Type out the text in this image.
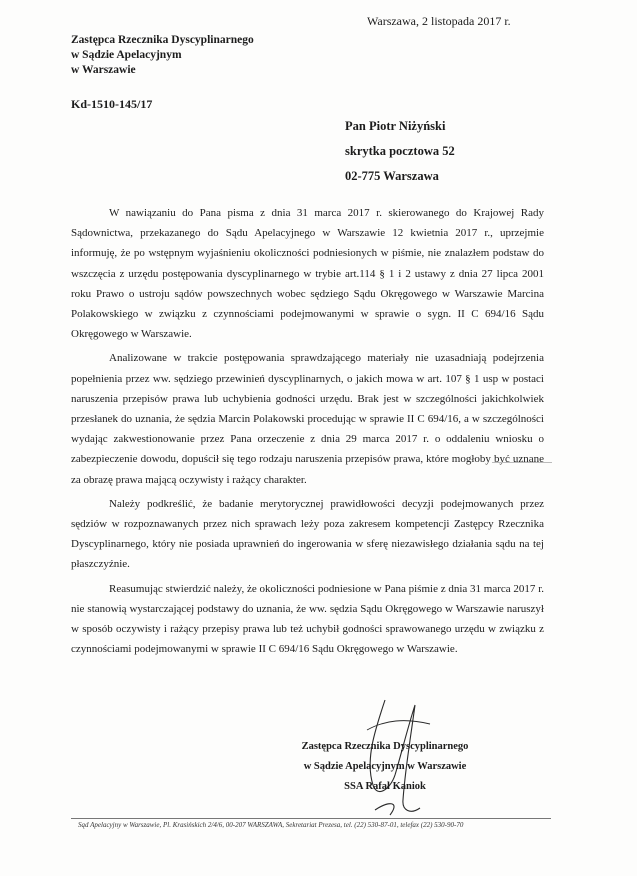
Warszawa, 2 listopada 2017 r.
Zastępca Rzecznika Dyscyplinarnego
w Sądzie Apelacyjnym
w Warszawie
Kd-1510-145/17
Pan Piotr Niżyński
skrytka pocztowa 52
02-775 Warszawa

W nawiązaniu do Pana pisma z dnia 31 marca 2017 r. skierowanego do Krajowej Rady Sądownictwa, przekazanego do Sądu Apelacyjnego w Warszawie 12 kwietnia 2017 r., uprzejmie informuję, że po wstępnym wyjaśnieniu okoliczności podniesionych w piśmie, nie znalazłem podstaw do wszczęcia z urzędu postępowania dyscyplinarnego w trybie art.114 § 1 i 2 ustawy z dnia 27 lipca 2001 roku Prawo o ustroju sądów powszechnych wobec sędziego Sądu Okręgowego w Warszawie Marcina Polakowskiego w związku z czynnościami podejmowanymi w sprawie o sygn. II C 694/16 Sądu Okręgowego w Warszawie.

Analizowane w trakcie postępowania sprawdzającego materiały nie uzasadniają podejrzenia popełnienia przez ww. sędziego przewinień dyscyplinarnych, o jakich mowa w art. 107 § 1 usp w postaci naruszenia przepisów prawa lub uchybienia godności urzędu. Brak jest w szczególności jakichkolwiek przesłanek do uznania, że sędzia Marcin Polakowski procedując w sprawie II C 694/16, a w szczególności wydając zakwestionowanie przez Pana orzeczenie z dnia 29 marca 2017 r. o oddaleniu wniosku o zabezpieczenie dowodu, dopuścił się tego rodzaju naruszenia przepisów prawa, które mogłoby być uznane za obrazę prawa mającą oczywisty i rażący charakter.

Należy podkreślić, że badanie merytorycznej prawidłowości decyzji podejmowanych przez sędziów w rozpoznawanych przez nich sprawach leży poza zakresem kompetencji Zastępcy Rzecznika Dyscyplinarnego, który nie posiada uprawnień do ingerowania w sferę niezawisłego działania sądu na tej płaszczyźnie.

Reasumując stwierdzić należy, że okoliczności podniesione w Pana piśmie z dnia 31 marca 2017 r. nie stanowią wystarczającej podstawy do uznania, że ww. sędzia Sądu Okręgowego w Warszawie naruszył w sposób oczywisty i rażący przepisy prawa lub też uchybił godności sprawowanego urzędu w związku z czynnościami podejmowanymi w sprawie II C 694/16 Sądu Okręgowego w Warszawie.

Zastępca Rzecznika Dyscyplinarnego
w Sądzie Apelacyjnym w Warszawie
SSA Rafał Kaniok
Sąd Apelacyjny w Warszawie, Pl. Krasińskich 2/4/6, 00-207 WARSZAWA, Sekretariat Prezesa, tel. (22) 530-87-01, telefax (22) 530-90-70
